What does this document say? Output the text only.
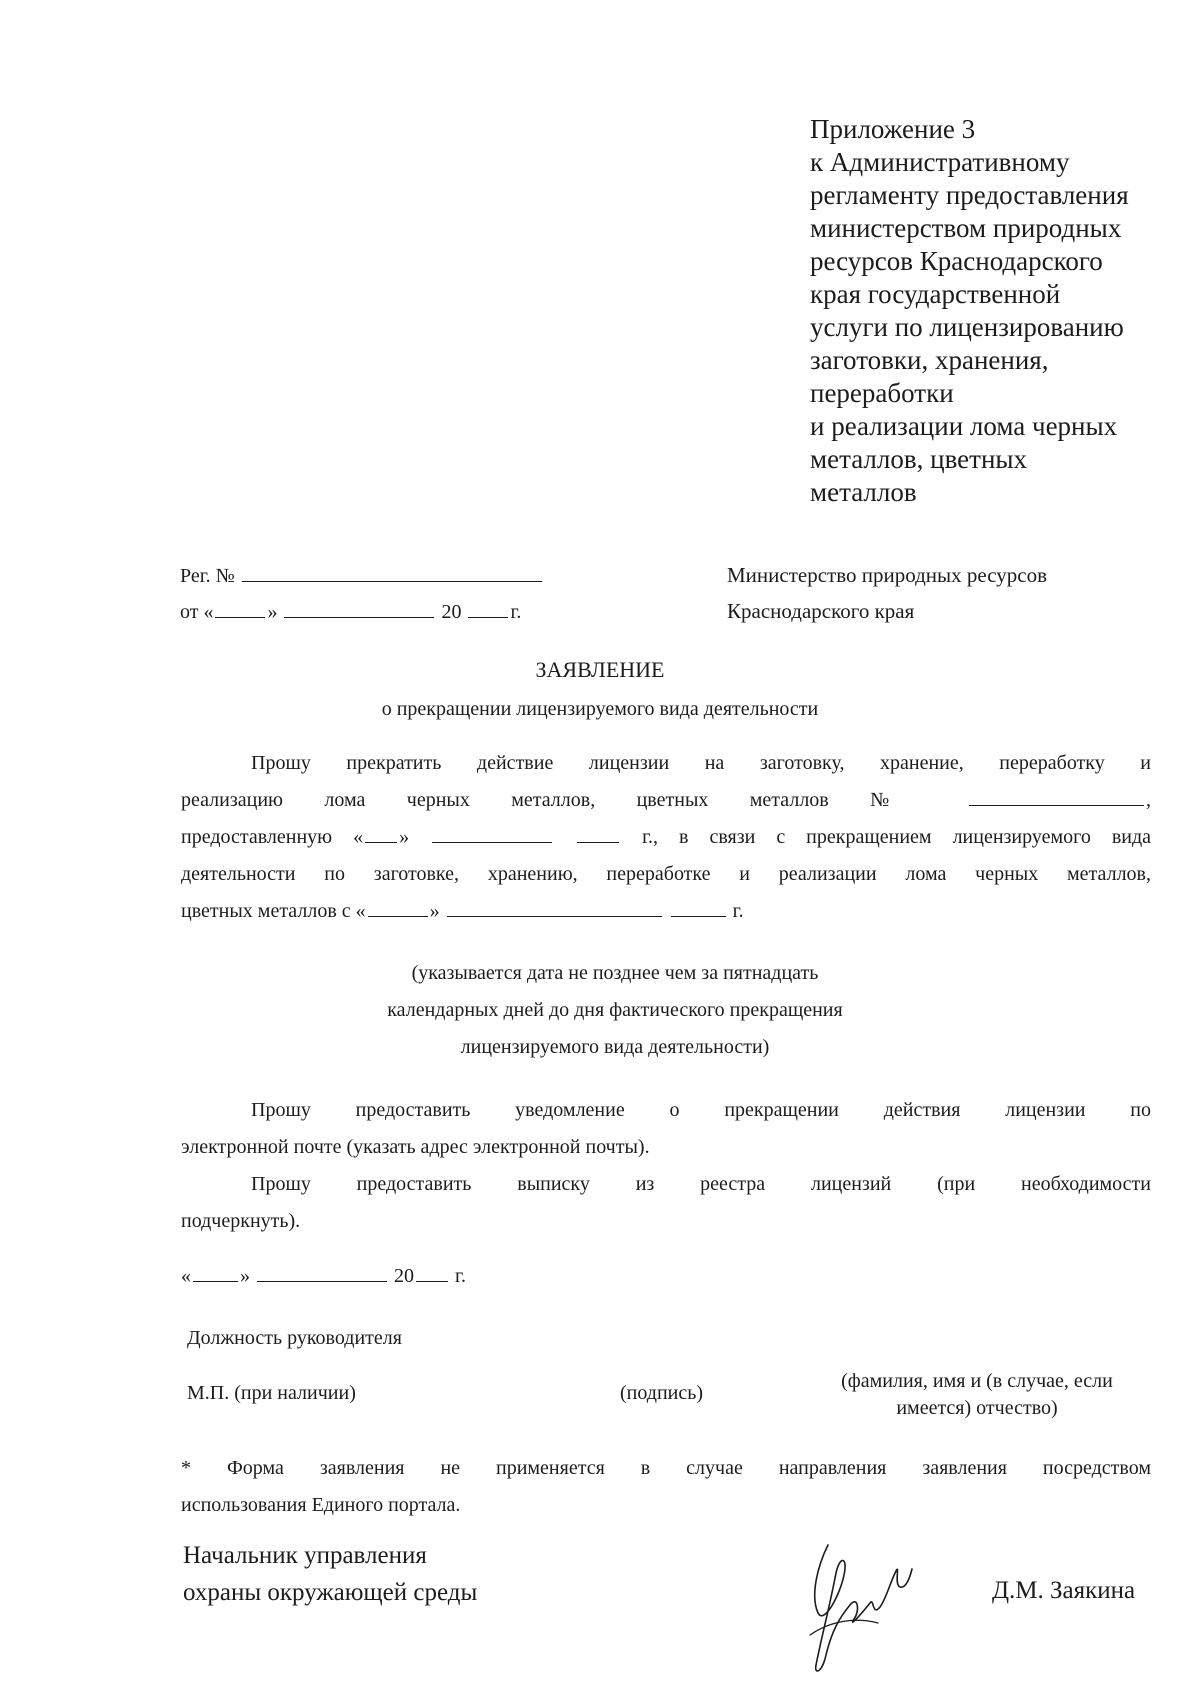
Приложение 3
к Административному
регламенту предоставления
министерством природных
ресурсов Краснодарского
края государственной
услуги по лицензированию
заготовки, хранения,
переработки
и реализации лома черных
металлов, цветных
металлов
Рег. №
от «	»	20 г.
Министерство природных ресурсов
Краснодарского края
ЗАЯВЛЕНИЕ
о прекращении лицензируемого вида деятельности
Прошу прекратить действие лицензии на заготовку, хранение, переработку и
реализацию лома черных металлов, цветных металлов №	,
предоставленную « »	г., в связи с прекращением лицензируемого вида
деятельности по заготовке, хранению, переработке и реализации лома черных металлов,
цветных металлов с «	»	г.
(указывается дата не позднее чем за пятнадцать
календарных дней до дня фактического прекращения
лицензируемого вида деятельности)
Прошу предоставить уведомление о прекращении действия лицензии по
электронной почте (указать адрес электронной почты).
Прошу предоставить выписку из реестра лицензий (при необходимости
подчеркнуть).
« »	20 г.
Должность руководителя
М.П. (при наличии)	(подпись)
(фамилия, имя и (в случае, если
имеется) отчество)
* Форма заявления не применяется в случае направления заявления посредством
использования Единого портала.
Начальник управления
охраны окружающей среды	Д.М. Заякина
